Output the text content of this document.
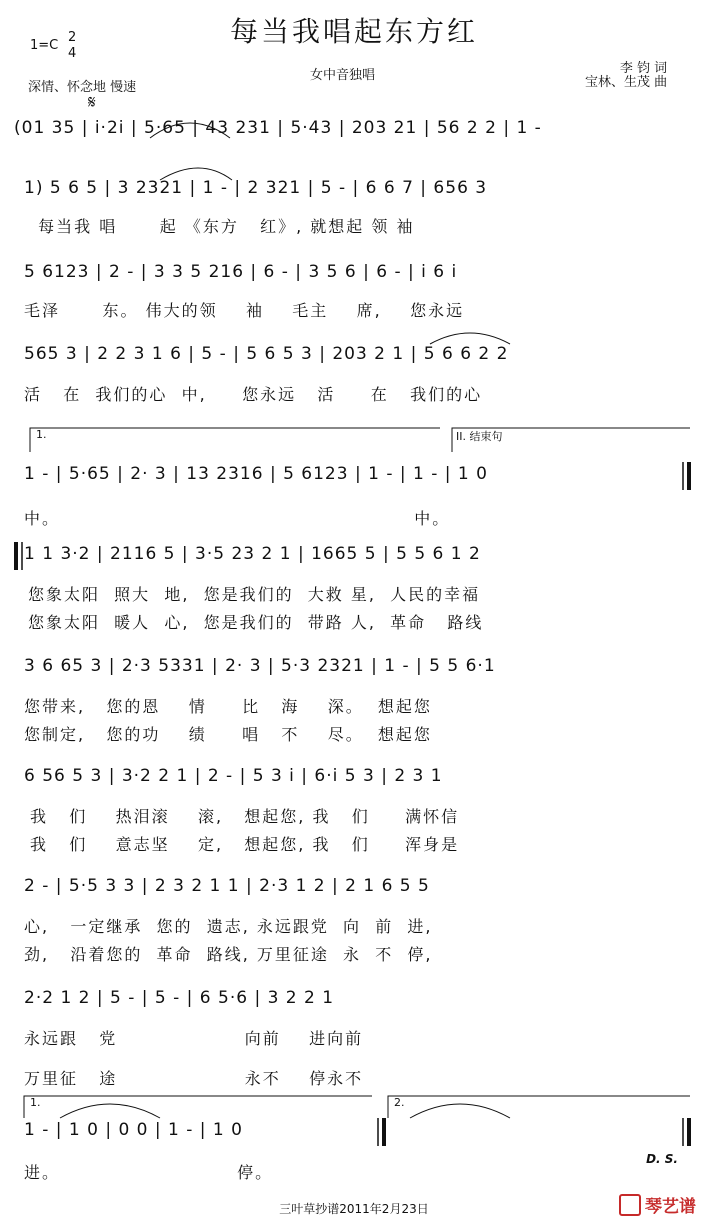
每当我唱起东方红
1=C
2
4
深情、怀念地 慢速
女中音独唱	李 钧 词
宝林、生茂 曲
𝄋
(01 35 | i·2i | 5·65 | 43 231 | 5·43 | 203 21 | 56 2 2 | 1 -
1) 5 6 5 | 3 2321 | 1 - | 2 321 | 5 - | 6 6 7 | 656 3
每当我 唱      起 《东方   红》, 就想起 领 袖
5 6123 | 2 - | 3 3 5 216 | 6 - | 3 5 6 | 6 - | i 6 i
毛泽      东。 伟大的领    袖    毛主    席,    您永远
565 3 | 2 2 3 1 6 | 5 - | 5 6 5 3 | 203 2 1 | 5 6 6 2 2
活   在  我们的心  中,     您永远   活     在   我们的心
1.	II. 结束句
1 - | 5·65 | 2· 3 | 13 2316 | 5 6123 | 1 - | 1 - | 1 0
中。                                                  中。
1 1 3·2 | 2116 5 | 3·5 23 2 1 | 1665 5 | 5 5 6 1 2
您象太阳  照大  地,  您是我们的  大救 星,  人民的幸福
您象太阳  暖人  心,  您是我们的  带路 人,  革命   路线
3 6 65 3 | 2·3 5331 | 2· 3 | 5·3 2321 | 1 - | 5 5 6·1
您带来,   您的恩    情     比   海    深。  想起您
您制定,   您的功    绩     唱   不    尽。  想起您
6 56 5 3 | 3·2 2 1 | 2 - | 5 3 i | 6·i 5 3 | 2 3 1
我   们    热泪滚    滚,   想起您, 我   们     满怀信
我   们    意志坚    定,   想起您, 我   们     浑身是
2 - | 5·5 3 3 | 2 3 2 1 1 | 2·3 1 2 | 2 1 6 5 5
心,   一定继承  您的  遗志, 永远跟党  向  前  进,
劲,   沿着您的  革命  路线, 万里征途  永  不  停,
2·2 1 2 | 5 - | 5 - | 6 5·6 | 3 2 2 1
永远跟   党                  向前    进向前
万里征   途                  永不    停永不
1.	2.
1 - | 1 0 | 0 0 | 1 - | 1 0
进。                         停。
D. S.
三叶草抄谱2011年2月23日	琴艺谱
